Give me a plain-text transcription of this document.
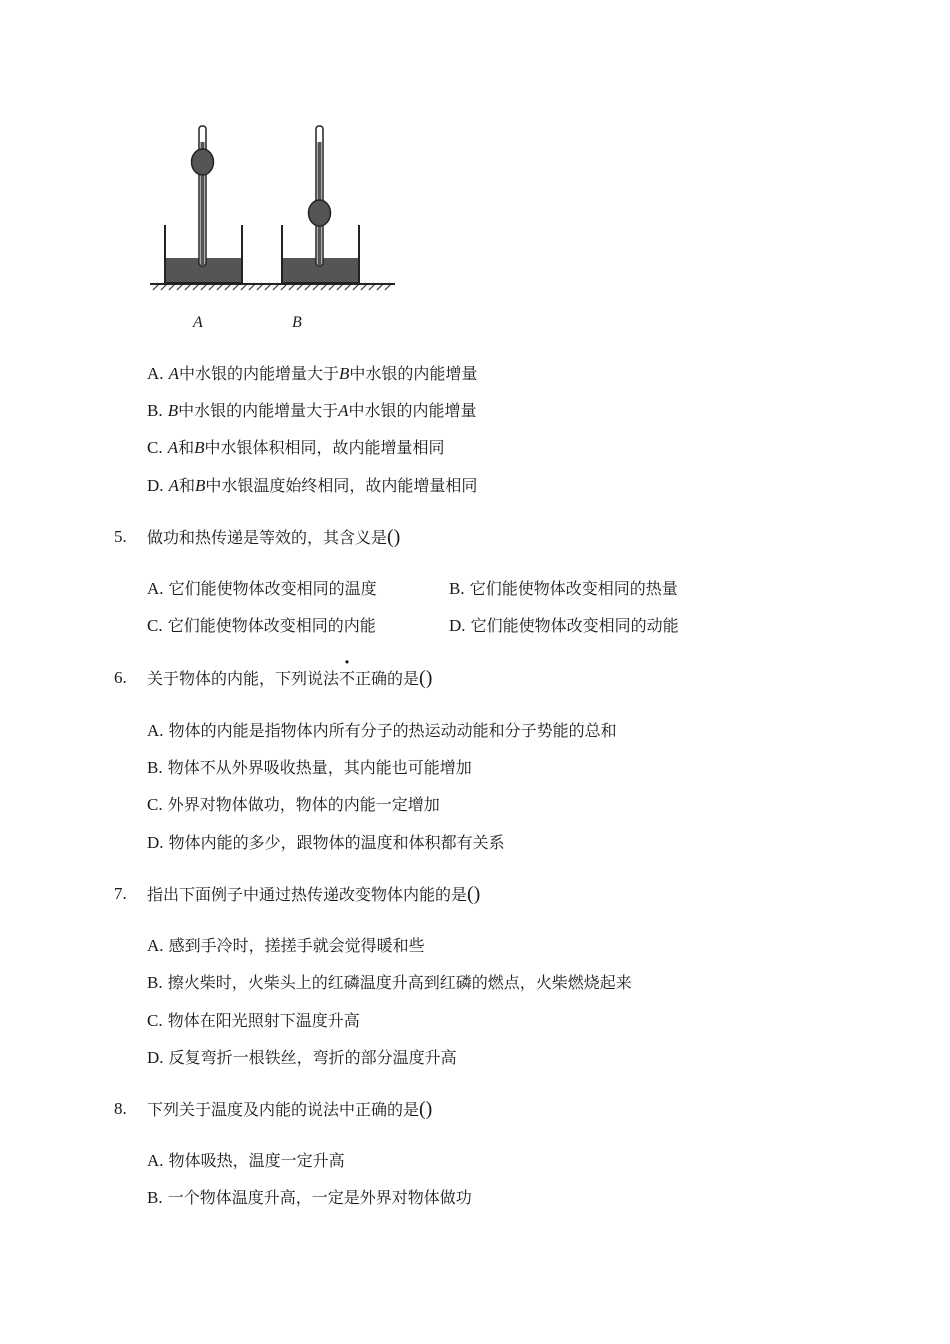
A	B
A. A中水银的内能增量大于B中水银的内能增量
B. B中水银的内能增量大于A中水银的内能增量
C. A和B中水银体积相同，故内能增量相同
D. A和B中水银温度始终相同，故内能增量相同
5. 做功和热传递是等效的，其含义是()
A. 它们能使物体改变相同的温度	B. 它们能使物体改变相同的热量
C. 它们能使物体改变相同的内能	D. 它们能使物体改变相同的动能
6. 关于物体的内能，下列说法不正确的是()
A. 物体的内能是指物体内所有分子的热运动动能和分子势能的总和
B. 物体不从外界吸收热量，其内能也可能增加
C. 外界对物体做功，物体的内能一定增加
D. 物体内能的多少，跟物体的温度和体积都有关系
7. 指出下面例子中通过热传递改变物体内能的是()
A. 感到手冷时，搓搓手就会觉得暖和些
B. 擦火柴时，火柴头上的红磷温度升高到红磷的燃点，火柴燃烧起来
C. 物体在阳光照射下温度升高
D. 反复弯折一根铁丝，弯折的部分温度升高
8. 下列关于温度及内能的说法中正确的是()
A. 物体吸热，温度一定升高
B. 一个物体温度升高，一定是外界对物体做功
